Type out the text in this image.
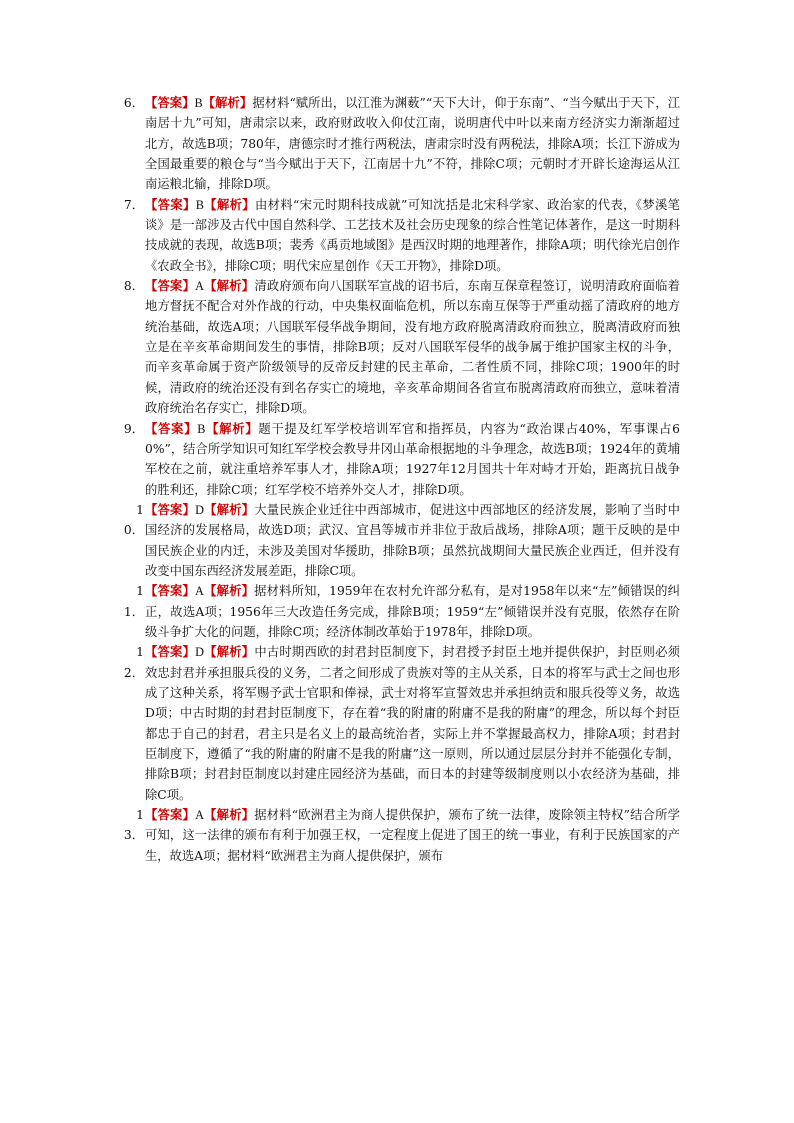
6． 【答案】B【解析】据材料“赋所出，以江淮为渊薮”“天下大计，仰于东南”、“当今赋出于天下，江南居十九”可知，唐肃宗以来，政府财政收入仰仗江南，说明唐代中叶以来南方经济实力渐渐超过北方，故选B项；780年，唐德宗时才推行两税法，唐肃宗时没有两税法，排除A项；长江下游成为全国最重要的粮仓与“当今赋出于天下，江南居十九”不符，排除C项；元朝时才开辟长途海运从江南运粮北输，排除D项。
7． 【答案】B【解析】由材料“宋元时期科技成就”可知沈括是北宋科学家、政治家的代表，《梦溪笔谈》是一部涉及古代中国自然科学、工艺技术及社会历史现象的综合性笔记体著作，是这一时期科技成就的表现，故选B项；裴秀《禹贡地域图》是西汉时期的地理著作，排除A项；明代徐光启创作《农政全书》，排除C项；明代宋应星创作《天工开物》，排除D项。
8． 【答案】A【解析】清政府颁布向八国联军宣战的诏书后，东南互保章程签订，说明清政府面临着地方督抚不配合对外作战的行动，中央集权面临危机，所以东南互保等于严重动摇了清政府的地方统治基础，故选A项；八国联军侵华战争期间，没有地方政府脱离清政府而独立，脱离清政府而独立是在辛亥革命期间发生的事情，排除B项；反对八国联军侵华的战争属于维护国家主权的斗争，而辛亥革命属于资产阶级领导的反帝反封建的民主革命，二者性质不同，排除C项；1900年的时候，清政府的统治还没有到名存实亡的境地，辛亥革命期间各省宣布脱离清政府而独立，意味着清政府统治名存实亡，排除D项。
9． 【答案】B【解析】题干提及红军学校培训军官和指挥员，内容为“政治课占40%，军事课占60%”，结合所学知识可知红军学校会教导井冈山革命根据地的斗争理念，故选B项；1924年的黄埔军校在之前，就注重培养军事人才，排除A项；1927年12月国共十年对峙才开始，距离抗日战争的胜利还，排除C项；红军学校不培养外交人才，排除D项。
10．
【答案】D【解析】大量民族企业迁往中西部城市，促进这中西部地区的经济发展，影响了当时中国经济的发展格局，故选D项；武汉、宜昌等城市并非位于敌后战场，排除A项；题干反映的是中国民族企业的内迁，未涉及美国对华援助，排除B项；虽然抗战期间大量民族企业西迁，但并没有改变中国东西经济发展差距，排除C项。
11．
【答案】A【解析】据材料所知，1959年在农村允许部分私有，是对1958年以来“左”倾错误的纠正，故选A项；1956年三大改造任务完成，排除B项；1959“左”倾错误并没有克服，依然存在阶级斗争扩大化的问题，排除C项；经济体制改革始于1978年，排除D项。
12．
【答案】D【解析】中古时期西欧的封君封臣制度下，封君授予封臣土地并提供保护，封臣则必须效忠封君并承担服兵役的义务，二者之间形成了贵族对等的主从关系，日本的将军与武士之间也形成了这种关系，将军赐予武士官职和俸禄，武士对将军宣誓效忠并承担纳贡和服兵役等义务，故选D项；中古时期的封君封臣制度下，存在着“我的附庸的附庸不是我的附庸”的理念，所以每个封臣都忠于自己的封君，君主只是名义上的最高统治者，实际上并不掌握最高权力，排除A项；封君封臣制度下，遵循了“我的附庸的附庸不是我的附庸”这一原则，所以通过层层分封并不能强化专制，排除B项；封君封臣制度以封建庄园经济为基础，而日本的封建等级制度则以小农经济为基础，排除C项。
13．
【答案】A【解析】据材料“欧洲君主为商人提供保护，颁布了统一法律，废除领主特权”结合所学可知，这一法律的颁布有利于加强王权，一定程度上促进了国王的统一事业，有利于民族国家的产生，故选A项；据材料“欧洲君主为商人提供保护，颁布
